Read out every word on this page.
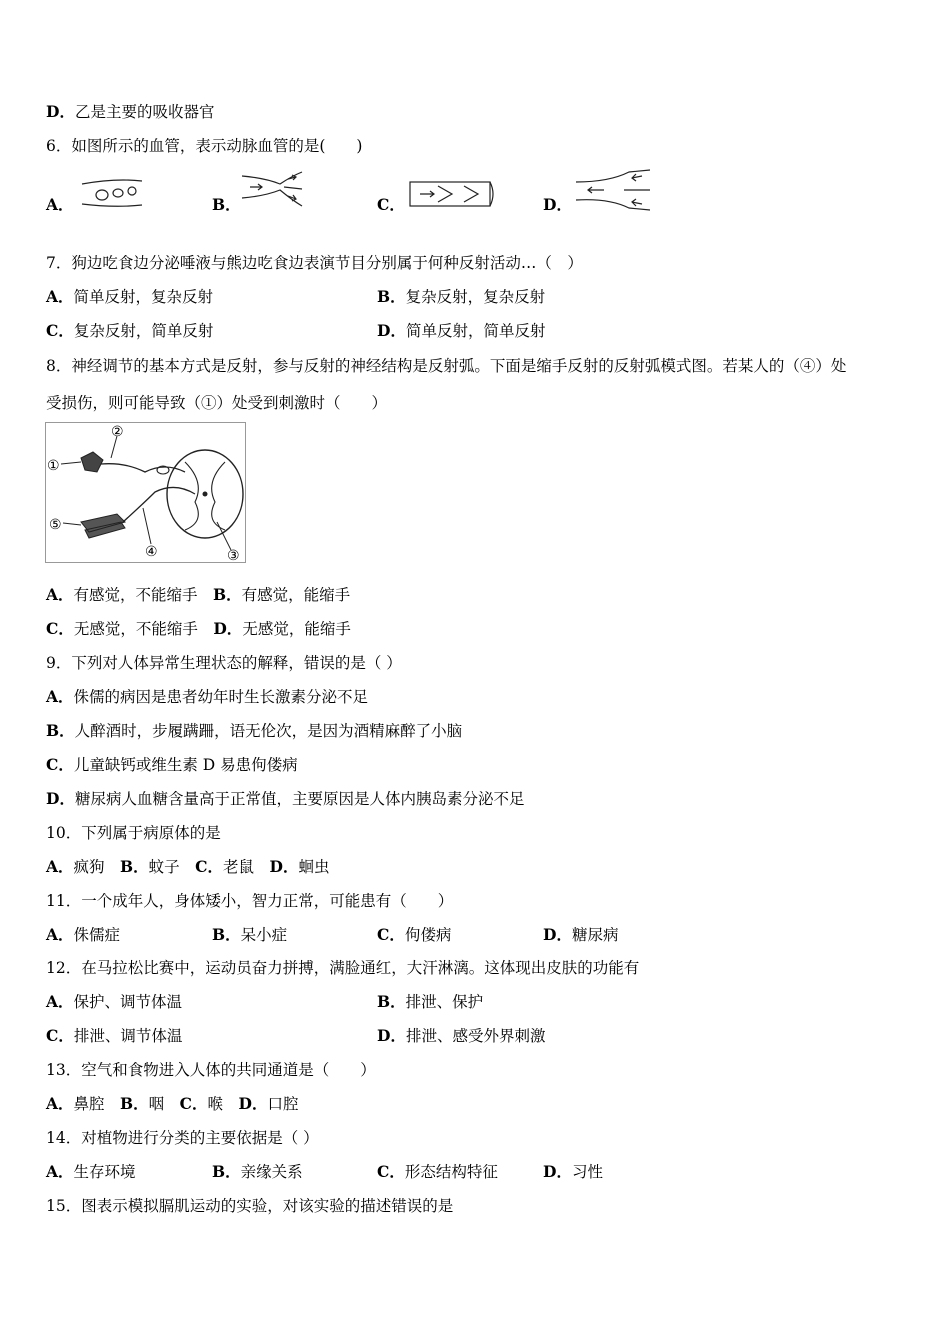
D．乙是主要的吸收器官
6．如图所示的血管，表示动脉血管的是(　　)
A．	B．	C．	D．
7．狗边吃食边分泌唾液与熊边吃食边表演节目分别属于何种反射活动…（　）
A．简单反射，复杂反射	B．复杂反射，复杂反射
C．复杂反射，简单反射	D．简单反射，简单反射
8．神经调节的基本方式是反射，参与反射的神经结构是反射弧。下面是缩手反射的反射弧模式图。若某人的（④）处
受损伤，则可能导致（①）处受到刺激时（　　）
①
②
③
④
⑤
A．有感觉，不能缩手　B．有感觉，能缩手
C．无感觉，不能缩手　D．无感觉，能缩手
9．下列对人体异常生理状态的解释，错误的是（ ）
A．侏儒的病因是患者幼年时生长激素分泌不足
B．人醉酒时，步履蹒跚，语无伦次，是因为酒精麻醉了小脑
C．儿童缺钙或维生素 D 易患佝偻病
D．糖尿病人血糖含量高于正常值，主要原因是人体内胰岛素分泌不足
10．下列属于病原体的是
A．疯狗　B．蚊子　C．老鼠　D．蛔虫
11．一个成年人，身体矮小，智力正常，可能患有（　　）
A．侏儒症	B．呆小症	C．佝偻病	D．糖尿病
12．在马拉松比赛中，运动员奋力拼搏，满脸通红，大汗淋漓。这体现出皮肤的功能有
A．保护、调节体温	B．排泄、保护
C．排泄、调节体温	D．排泄、感受外界刺激
13．空气和食物进入人体的共同通道是（　　）
A．鼻腔　B．咽　C．喉　D．口腔
14．对植物进行分类的主要依据是（ ）
A．生存环境	B．亲缘关系	C．形态结构特征	D．习性
15．图表示模拟膈肌运动的实验，对该实验的描述错误的是
